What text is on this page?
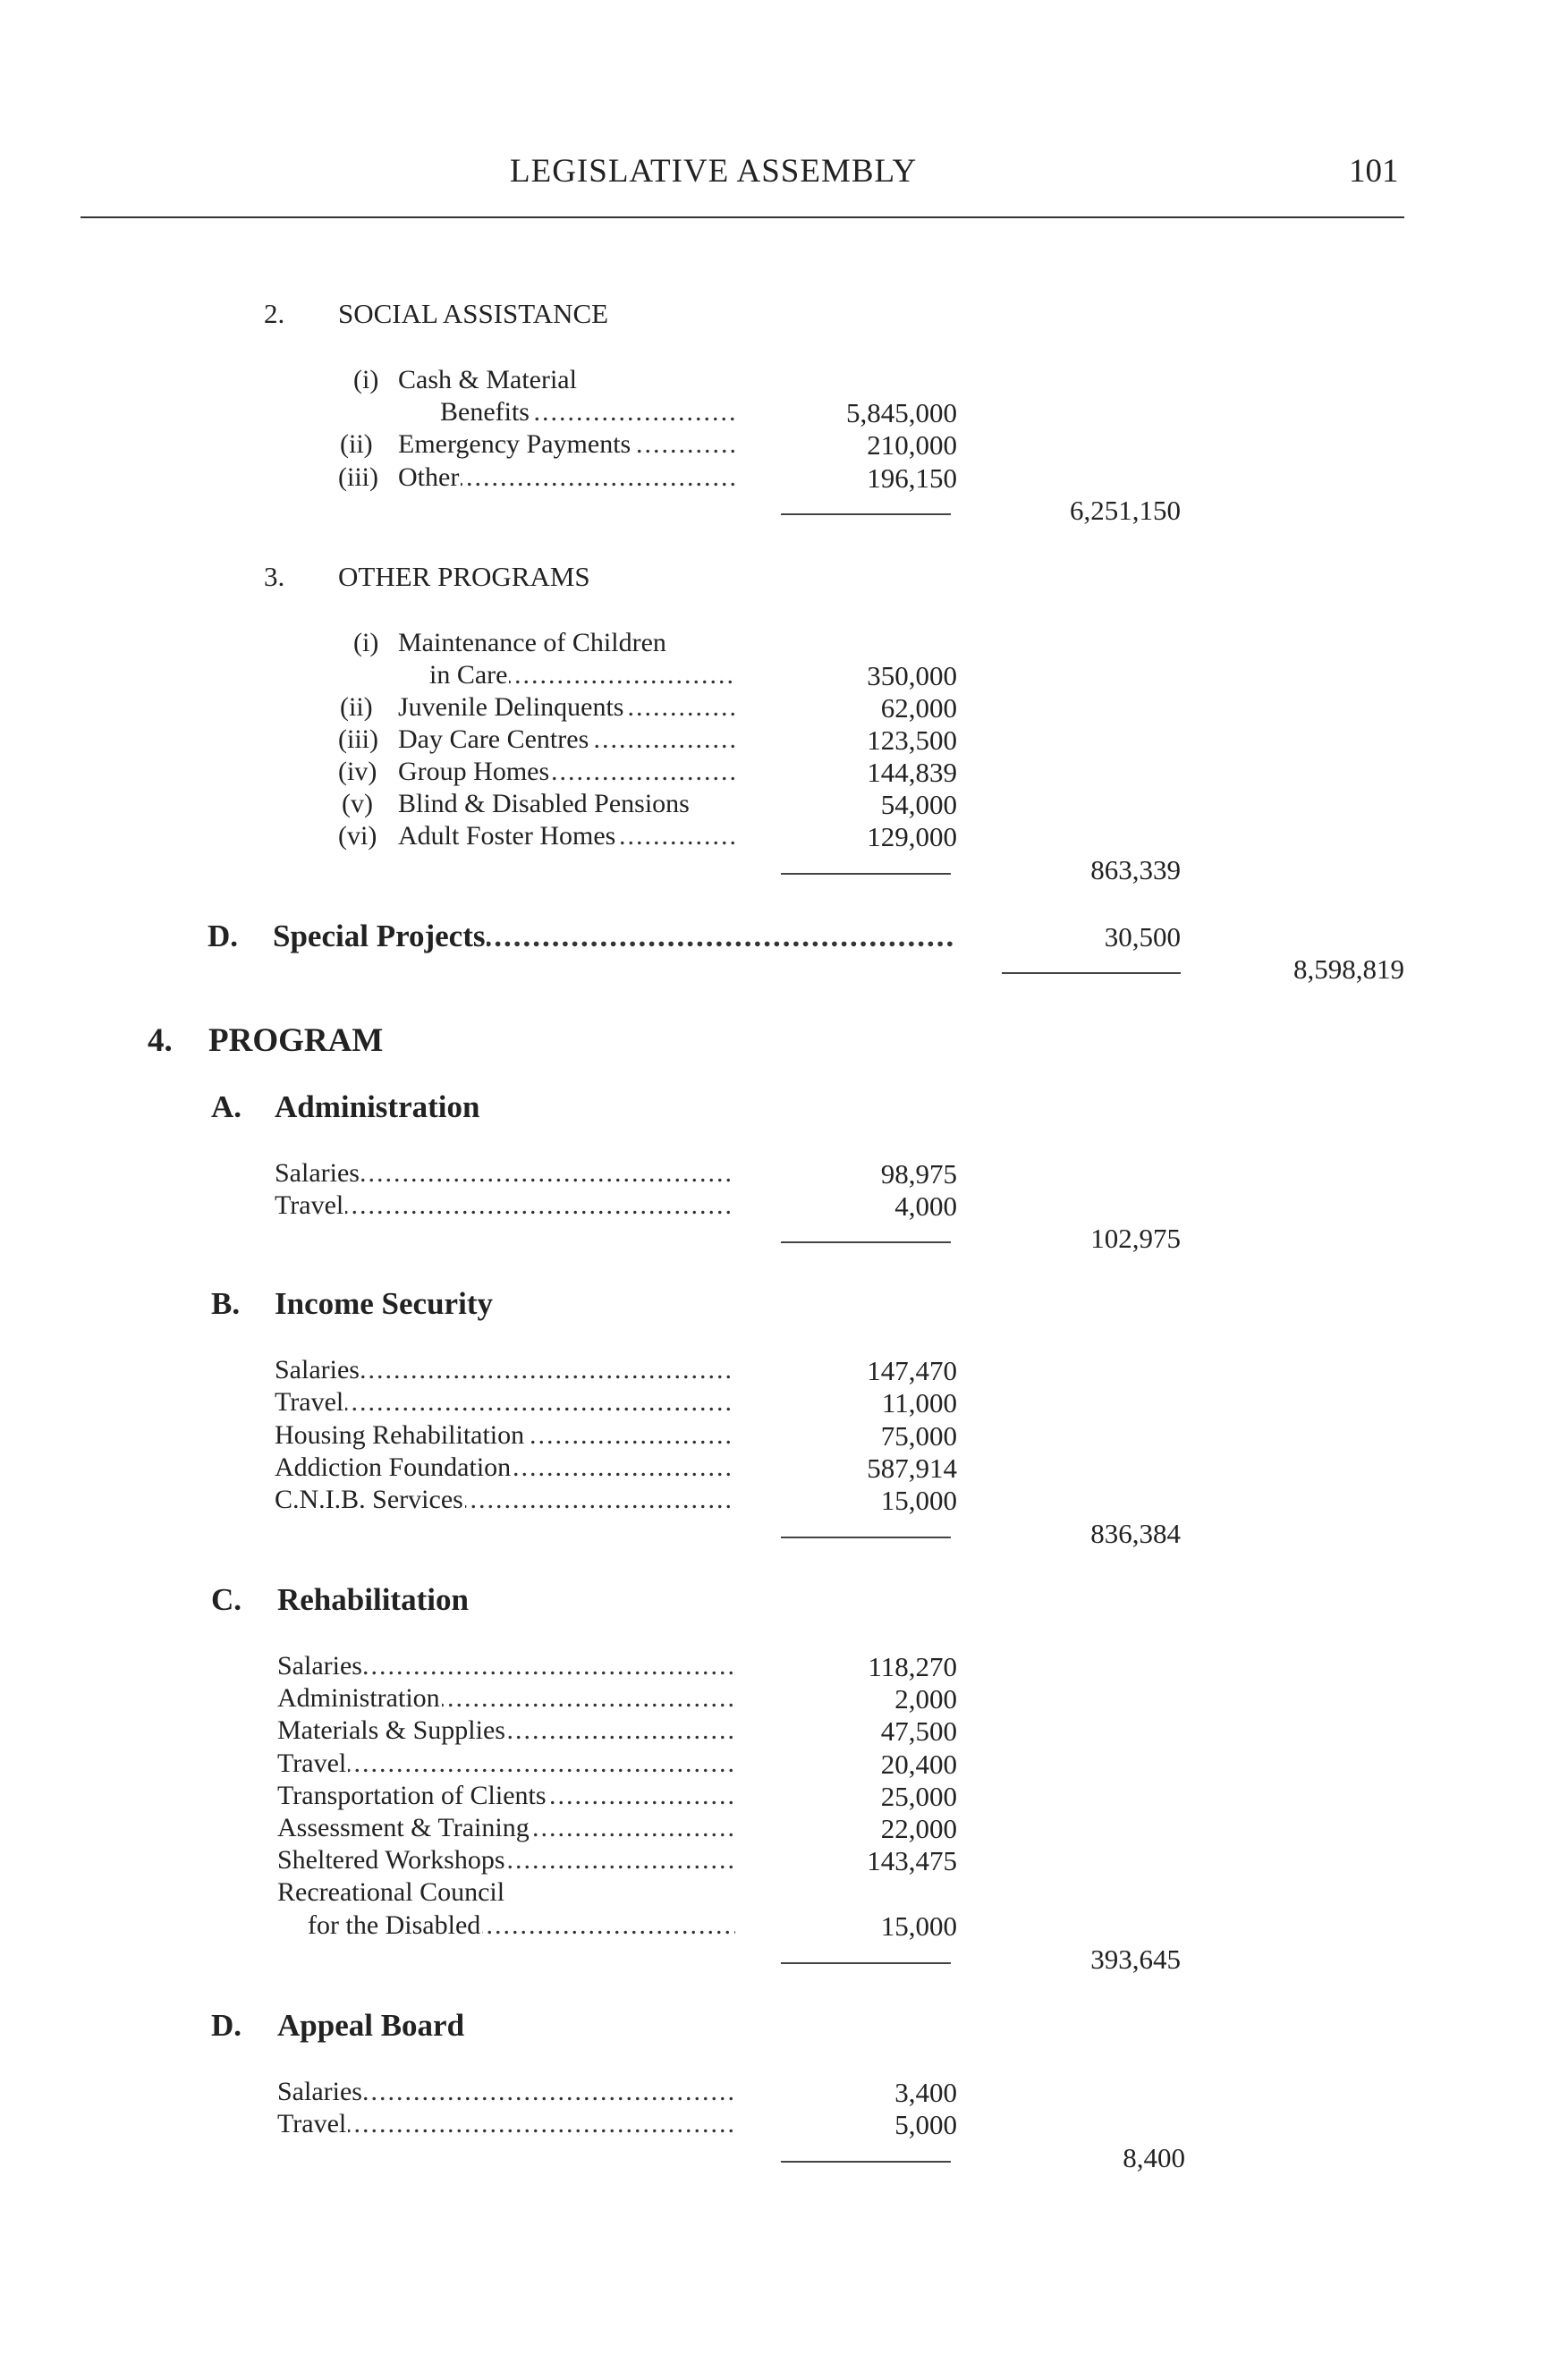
LEGISLATIVE ASSEMBLY	101
2. SOCIAL ASSISTANCE
(i) Cash & Material
Benefits .....	5,845,000
(ii) Emergency Payments .....	210,000
(iii) Other .....	196,150
6,251,150
3. OTHER PROGRAMS
(i) Maintenance of Children
in Care .....	350,000
(ii) Juvenile Delinquents .....	62,000
(iii) Day Care Centres .....	123,500
(iv) Group Homes .....	144,839
(v) Blind & Disabled Pensions	54,000
(vi) Adult Foster Homes .....	129,000
863,339
D. Special Projects .....	30,500
8,598,819
4. PROGRAM
A. Administration
Salaries .....	98,975
Travel .....	4,000
102,975
B. Income Security
Salaries .....	147,470
Travel .....	11,000
Housing Rehabilitation .....	75,000
Addiction Foundation .....	587,914
C.N.I.B. Services .....	15,000
836,384
C. Rehabilitation
Salaries .....	118,270
Administration .....	2,000
Materials & Supplies .....	47,500
Travel .....	20,400
Transportation of Clients .....	25,000
Assessment & Training .....	22,000
Sheltered Workshops .....	143,475
Recreational Council
for the Disabled .....	15,000
393,645
D. Appeal Board
Salaries .....	3,400
Travel .....	5,000
8,400
